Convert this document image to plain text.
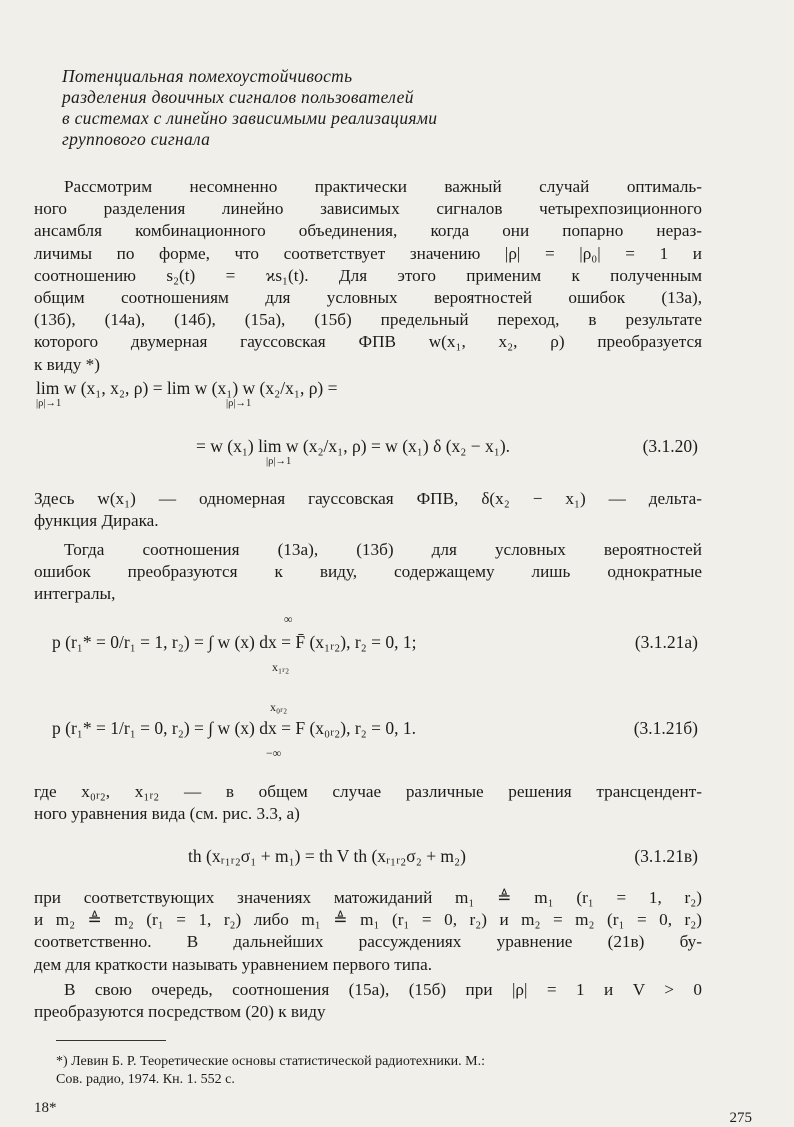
Потенциальная помехоустойчивость
разделения двоичных сигналов пользователей
в системах с линейно зависимыми реализациями
группового сигнала
Рассмотрим несомненно практически важный случай оптималь-
ного разделения линейно зависимых сигналов четырехпозиционного
ансамбля комбинационного объединения, когда они попарно нераз-
личимы по форме, что соответствует значению |ρ| = |ρ₀| = 1 и
соотношению s₂(t) = ϰs₁(t). Для этого применим к полученным
общим соотношениям для условных вероятностей ошибок (13а),
(13б), (14а), (14б), (15а), (15б) предельный переход, в результате
которого двумерная гауссовская ФПВ w(x₁, x₂, ρ) преобразуется
к виду *)
lim w (x₁, x₂, ρ) = lim w (x₁) w (x₂/x₁, ρ) =
|ρ|→1	|ρ|→1
= w (x₁) lim w (x₂/x₁, ρ) = w (x₁) δ (x₂ − x₁).
|ρ|→1
(3.1.20)
Здесь w(x₁) — одномерная гауссовская ФПВ, δ(x₂ − x₁) — дельта-
функция Дирака.
Тогда соотношения (13а), (13б) для условных вероятностей
ошибок преобразуются к виду, содержащему лишь однократные
интегралы,
∞
p (r₁* = 0/r₁ = 1, r₂) = ∫ w (x) dx = F̄ (x₁ᵣ₂), r₂ = 0, 1;
x₁ᵣ₂
(3.1.21а)
x₀ᵣ₂
p (r₁* = 1/r₁ = 0, r₂) = ∫ w (x) dx = F (x₀ᵣ₂), r₂ = 0, 1.
−∞
(3.1.21б)
где x₀ᵣ₂, x₁ᵣ₂ — в общем случае различные решения трансцендент-
ного уравнения вида (см. рис. 3.3, а)
th (xᵣ₁ᵣ₂σ₁ + m₁) = th V th (xᵣ₁ᵣ₂σ₂ + m₂)	(3.1.21в)
при соответствующих значениях матожиданий m₁ ≜ m₁ (r₁ = 1, r₂)
и m₂ ≜ m₂ (r₁ = 1, r₂) либо m₁ ≜ m₁ (r₁ = 0, r₂) и m₂ = m₂ (r₁ = 0, r₂)
соответственно. В дальнейших рассуждениях уравнение (21в) бу-
дем для краткости называть уравнением первого типа.
В свою очередь, соотношения (15а), (15б) при |ρ| = 1 и V > 0
преобразуются посредством (20) к виду
*) Левин Б. Р. Теоретические основы статистической радиотехники. М.:
Сов. радио, 1974. Кн. 1. 552 с.
18*
275
